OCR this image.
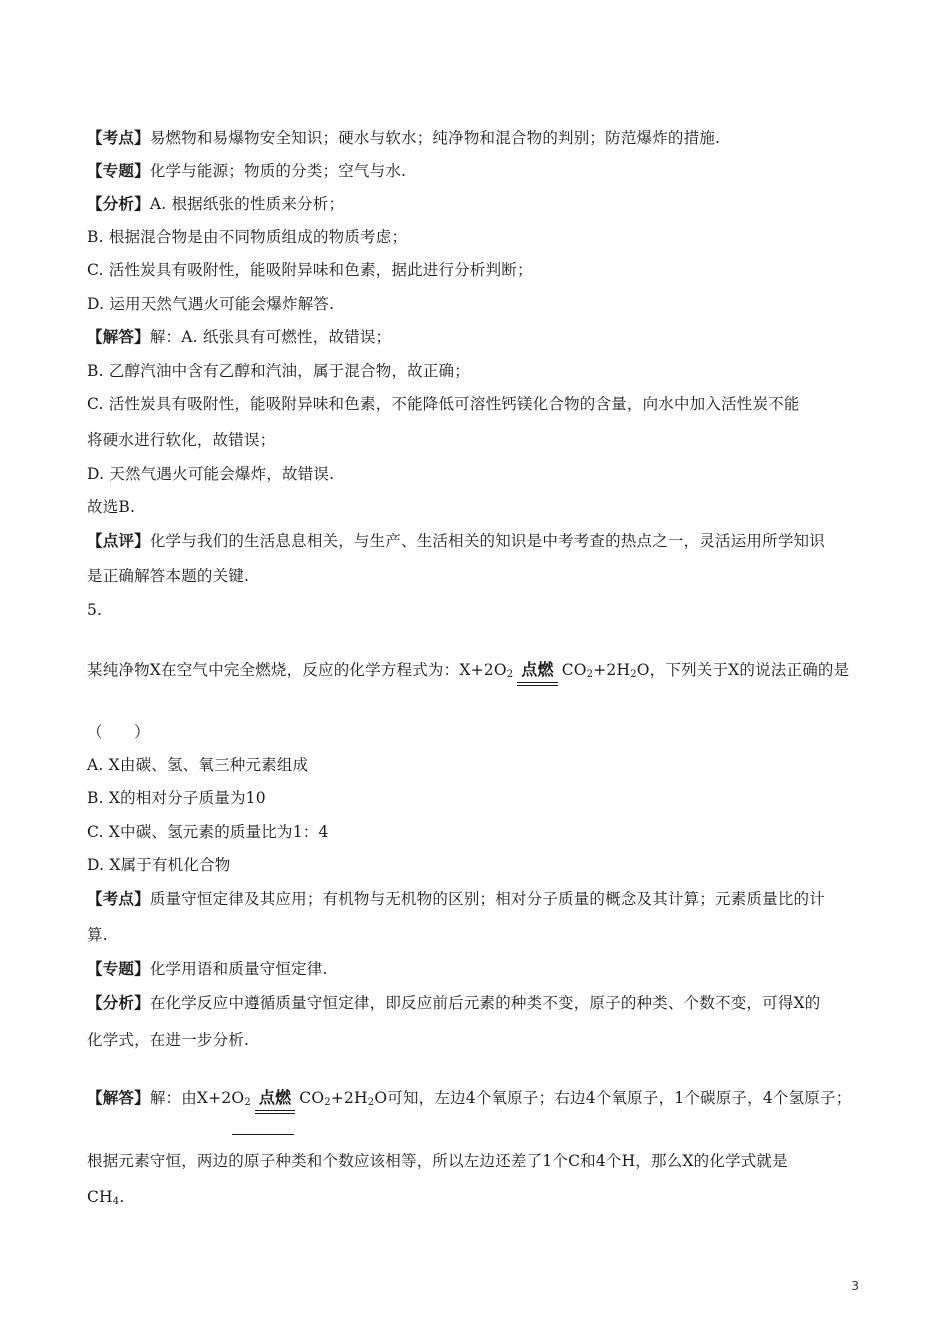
【考点】易燃物和易爆物安全知识；硬水与软水；纯净物和混合物的判别；防范爆炸的措施.
【专题】化学与能源；物质的分类；空气与水.
【分析】A. 根据纸张的性质来分析；
B. 根据混合物是由不同物质组成的物质考虑；
C. 活性炭具有吸附性，能吸附异味和色素，据此进行分析判断；
D. 运用天然气遇火可能会爆炸解答.
【解答】解：A. 纸张具有可燃性，故错误；
B. 乙醇汽油中含有乙醇和汽油，属于混合物，故正确；
C. 活性炭具有吸附性，能吸附异味和色素，不能降低可溶性钙镁化合物的含量，向水中加入活性炭不能
将硬水进行软化，故错误；
D. 天然气遇火可能会爆炸，故错误.
故选B.
【点评】化学与我们的生活息息相关，与生产、生活相关的知识是中考考查的热点之一，灵活运用所学知识
是正确解答本题的关键.
5.
某纯净物X在空气中完全燃烧，反应的化学方程式为：$X+2O_2$ 点燃 $CO_2+2H_2O$，下列关于X的说法正确的是
（　　）
A. X由碳、氢、氧三种元素组成
B. X的相对分子质量为10
C. X中碳、氢元素的质量比为1：4
D. X属于有机化合物
【考点】质量守恒定律及其应用；有机物与无机物的区别；相对分子质量的概念及其计算；元素质量比的计
算.
【专题】化学用语和质量守恒定律.
【分析】在化学反应中遵循质量守恒定律，即反应前后元素的种类不变，原子的种类、个数不变，可得X的
化学式，在进一步分析.
【解答】解：由$X+2O_2$ 点燃 $CO_2+2H_2O$可知，左边4个氧原子；右边4个氧原子，1个碳原子，4个氢原子；
根据元素守恒，两边的原子种类和个数应该相等，所以左边还差了1个C和4个H，那么X的化学式就是
$CH_4$.
3
